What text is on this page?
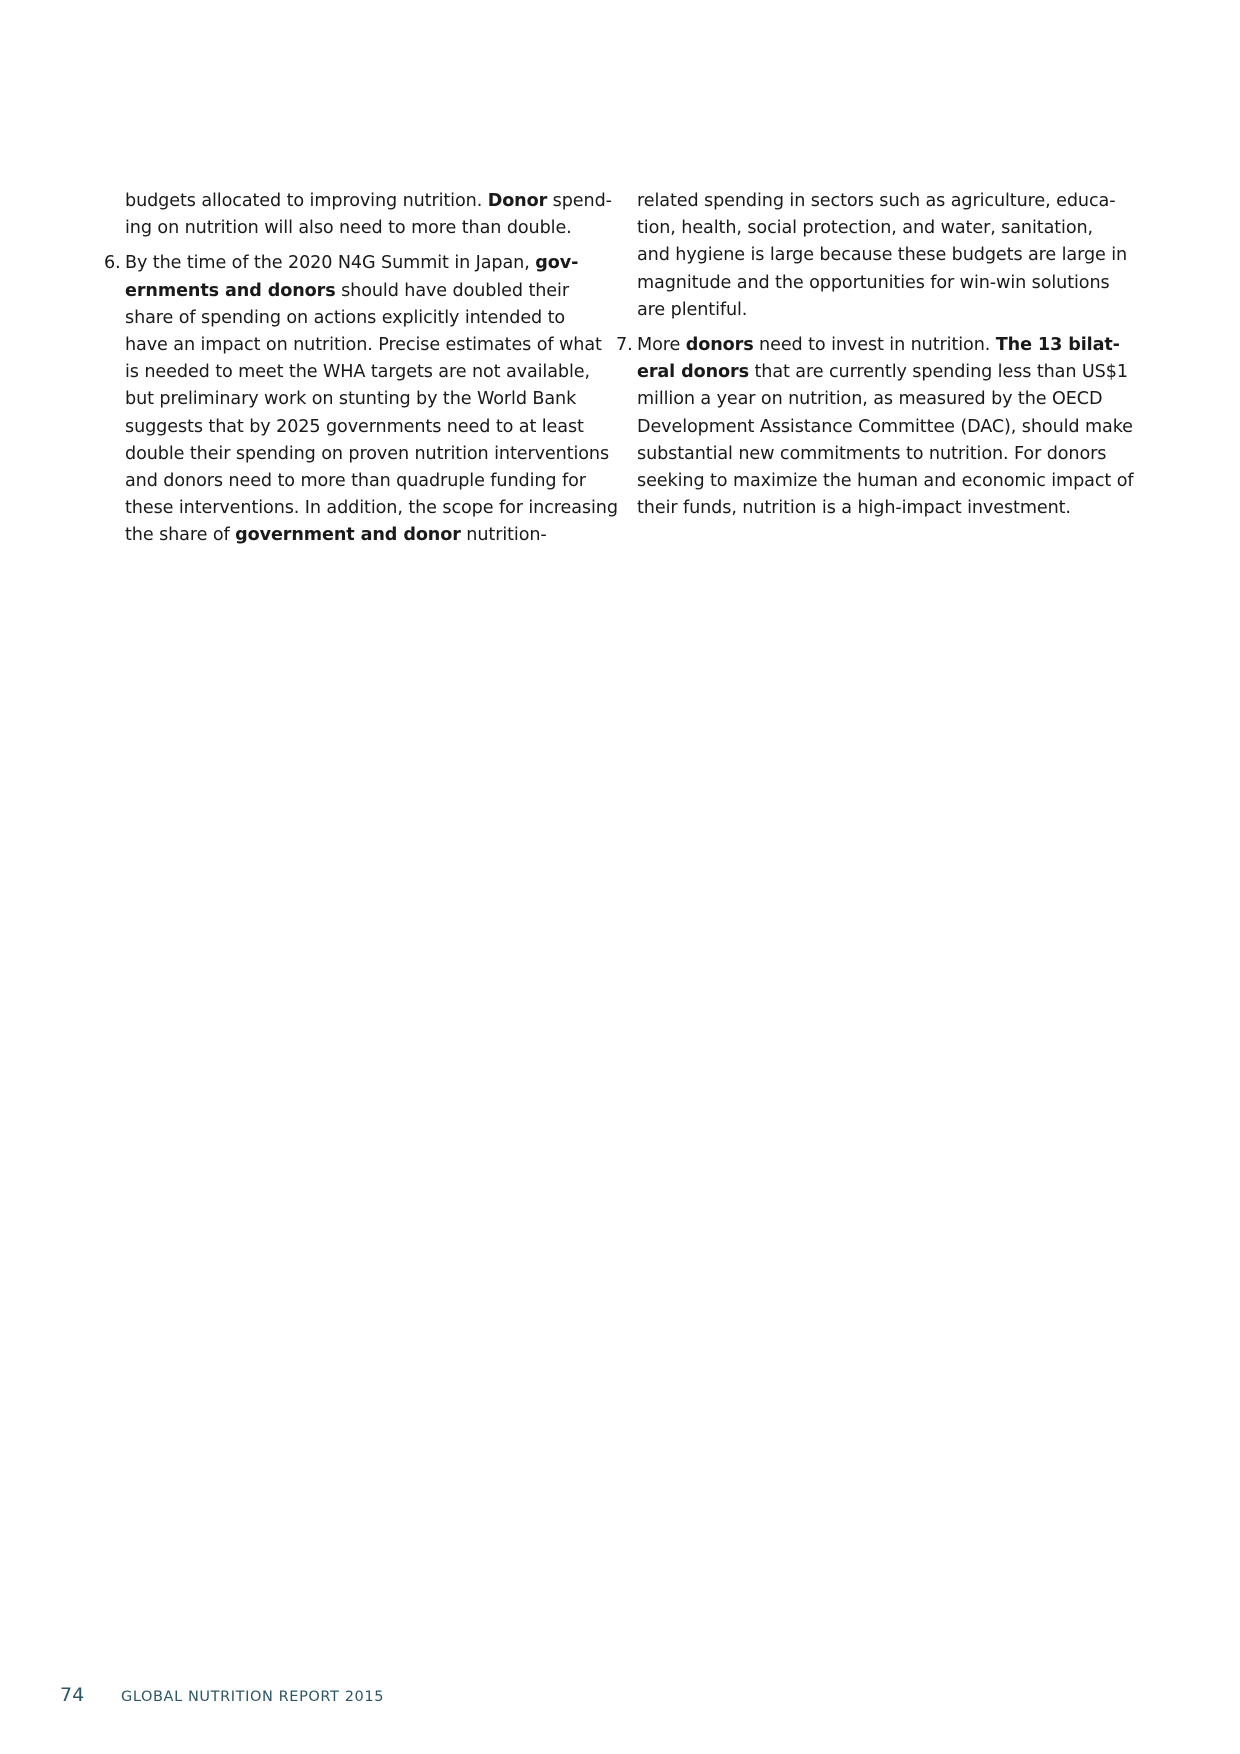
budgets allocated to improving nutrition. Donor spend-
ing on nutrition will also need to more than double.
6. By the time of the 2020 N4G Summit in Japan, gov-
ernments and donors should have doubled their
share of spending on actions explicitly intended to
have an impact on nutrition. Precise estimates of what
is needed to meet the WHA targets are not available,
but preliminary work on stunting by the World Bank
suggests that by 2025 governments need to at least
double their spending on proven nutrition interventions
and donors need to more than quadruple funding for
these interventions. In addition, the scope for increasing
the share of government and donor nutrition-
related spending in sectors such as agriculture, educa-
tion, health, social protection, and water, sanitation,
and hygiene is large because these budgets are large in
magnitude and the opportunities for win-win solutions
are plentiful.
7. More donors need to invest in nutrition. The 13 bilat-
eral donors that are currently spending less than US$1
million a year on nutrition, as measured by the OECD
Development Assistance Committee (DAC), should make
substantial new commitments to nutrition. For donors
seeking to maximize the human and economic impact of
their funds, nutrition is a high-impact investment.
74	GLOBAL NUTRITION REPORT 2015
